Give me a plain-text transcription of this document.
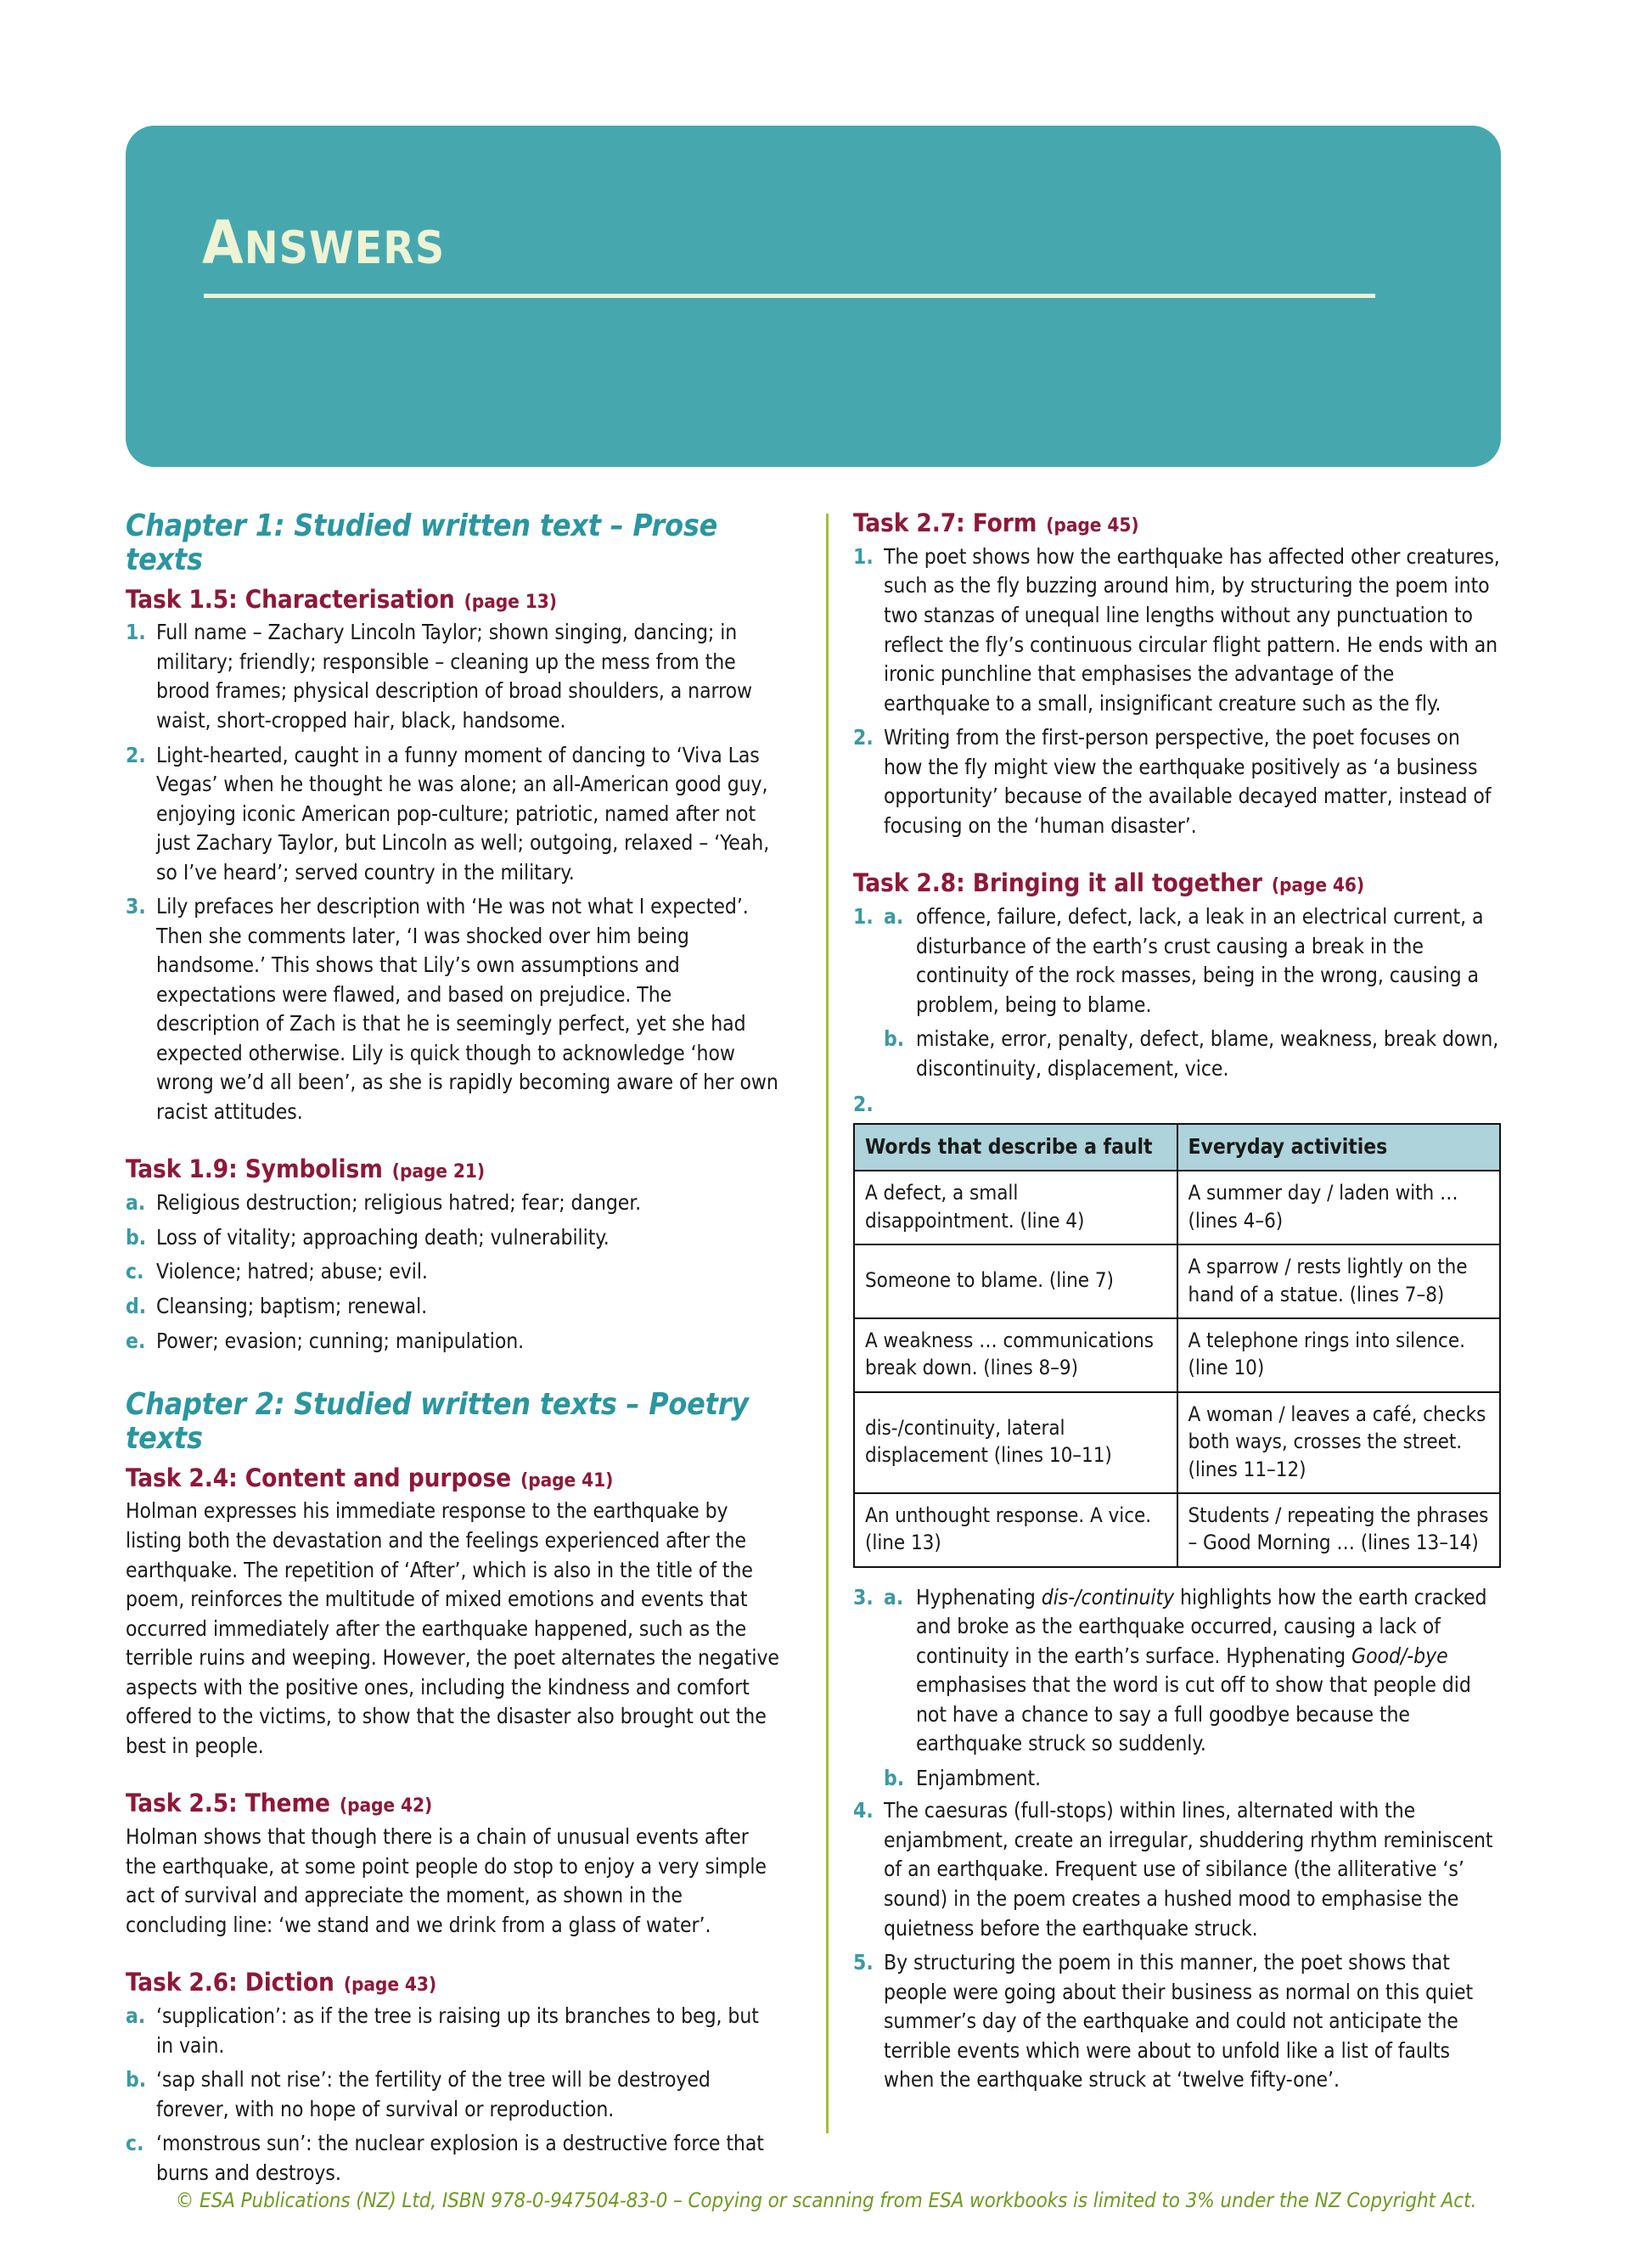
answers
Chapter 1: Studied written text – Prose texts
Task 1.5: Characterisation (page 13)
1. Full name – Zachary Lincoln Taylor; shown singing, dancing; in military; friendly; responsible – cleaning up the mess from the brood frames; physical description of broad shoulders, a narrow waist, short-cropped hair, black, handsome.
2. Light-hearted, caught in a funny moment of dancing to ‘Viva Las Vegas’ when he thought he was alone; an all-American good guy, enjoying iconic American pop-culture; patriotic, named after not just Zachary Taylor, but Lincoln as well; outgoing, relaxed – ‘Yeah, so I’ve heard’; served country in the military.
3. Lily prefaces her description with ‘He was not what I expected’. Then she comments later, ‘I was shocked over him being handsome.’ This shows that Lily’s own assumptions and expectations were flawed, and based on prejudice. The description of Zach is that he is seemingly perfect, yet she had expected otherwise. Lily is quick though to acknowledge ‘how wrong we’d all been’, as she is rapidly becoming aware of her own racist attitudes.
Task 1.9: Symbolism (page 21)
a. Religious destruction; religious hatred; fear; danger.
b. Loss of vitality; approaching death; vulnerability.
c. Violence; hatred; abuse; evil.
d. Cleansing; baptism; renewal.
e. Power; evasion; cunning; manipulation.
Chapter 2: Studied written texts – Poetry texts
Task 2.4: Content and purpose (page 41)

Holman expresses his immediate response to the earthquake by listing both the devastation and the feelings experienced after the earthquake. The repetition of ‘After’, which is also in the title of the poem, reinforces the multitude of mixed emotions and events that occurred immediately after the earthquake happened, such as the terrible ruins and weeping. However, the poet alternates the negative aspects with the positive ones, including the kindness and comfort offered to the victims, to show that the disaster also brought out the best in people.

Task 2.5: Theme (page 42)

Holman shows that though there is a chain of unusual events after the earthquake, at some point people do stop to enjoy a very simple act of survival and appreciate the moment, as shown in the concluding line: ‘we stand and we drink from a glass of water’.

Task 2.6: Diction (page 43)
a. ‘supplication’: as if the tree is raising up its branches to beg, but in vain.
b. ‘sap shall not rise’: the fertility of the tree will be destroyed forever, with no hope of survival or reproduction.
c. ‘monstrous sun’: the nuclear explosion is a destructive force that burns and destroys.
Task 2.7: Form (page 45)
1. The poet shows how the earthquake has affected other creatures, such as the fly buzzing around him, by structuring the poem into two stanzas of unequal line lengths without any punctuation to reflect the fly’s continuous circular flight pattern. He ends with an ironic punchline that emphasises the advantage of the earthquake to a small, insignificant creature such as the fly.
2. Writing from the first-person perspective, the poet focuses on how the fly might view the earthquake positively as ‘a business opportunity’ because of the available decayed matter, instead of focusing on the ‘human disaster’.
Task 2.8: Bringing it all together (page 46)
1. a. offence, failure, defect, lack, a leak in an electrical current, a disturbance of the earth’s crust causing a break in the continuity of the rock masses, being in the wrong, causing a problem, being to blame.
b. mistake, error, penalty, defect, blame, weakness, break down, discontinuity, displacement, vice.
2.
Words that describe a fault	Everyday activities
A defect, a small disappointment. (line 4)	A summer day / laden with … (lines 4–6)
Someone to blame. (line 7)	A sparrow / rests lightly on the hand of a statue. (lines 7–8)
A weakness … communications break down. (lines 8–9)	A telephone rings into silence. (line 10)
dis-/continuity, lateral displacement (lines 10–11)	A woman / leaves a café, checks both ways, crosses the street. (lines 11–12)
An unthought response. A vice. (line 13)	Students / repeating the phrases – Good Morning … (lines 13–14)
3. a. Hyphenating dis-/continuity highlights how the earth cracked and broke as the earthquake occurred, causing a lack of continuity in the earth’s surface. Hyphenating Good/-bye emphasises that the word is cut off to show that people did not have a chance to say a full goodbye because the earthquake struck so suddenly.
b. Enjambment.
4. The caesuras (full-stops) within lines, alternated with the enjambment, create an irregular, shuddering rhythm reminiscent of an earthquake. Frequent use of sibilance (the alliterative ‘s’ sound) in the poem creates a hushed mood to emphasise the quietness before the earthquake struck.
5. By structuring the poem in this manner, the poet shows that people were going about their business as normal on this quiet summer’s day of the earthquake and could not anticipate the terrible events which were about to unfold like a list of faults when the earthquake struck at ‘twelve fifty-one’.
© ESA Publications (NZ) Ltd, ISBN 978-0-947504-83-0 – Copying or scanning from ESA workbooks is limited to 3% under the NZ Copyright Act.
